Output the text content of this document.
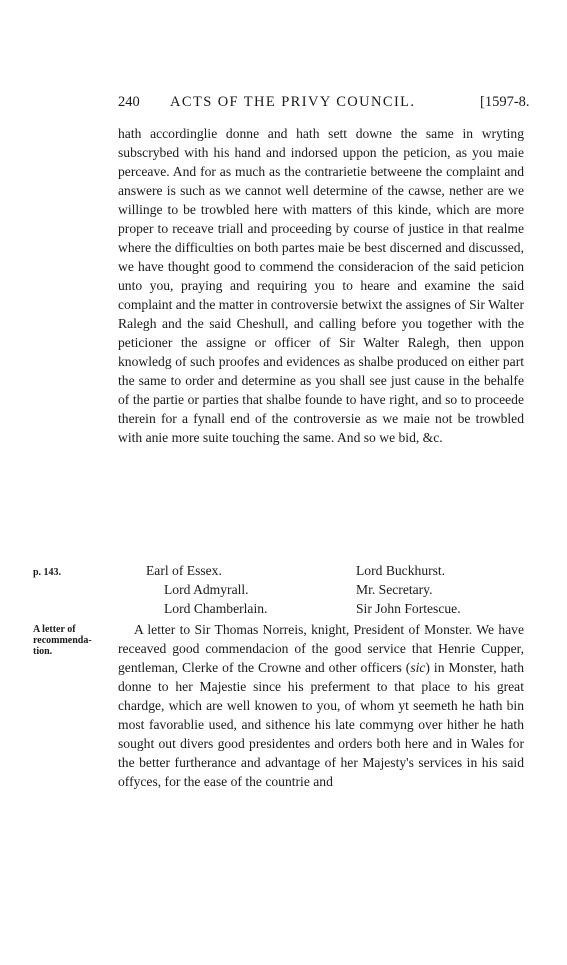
240 ACTS OF THE PRIVY COUNCIL.	[1597-8.
hath accordinglie donne and hath sett downe the same in wryting subscrybed with his hand and indorsed uppon the peticion, as you maie perceave. And for as much as the contrarietie betweene the complaint and answere is such as we cannot well determine of the cawse, nether are we willinge to be trowbled here with matters of this kinde, which are more proper to receave triall and proceeding by course of justice in that realme where the difficulties on both partes maie be best discerned and discussed, we have thought good to commend the consideracion of the said peticion unto you, praying and requiring you to heare and examine the said complaint and the matter in controversie betwixt the assignes of Sir Walter Ralegh and the said Cheshull, and calling before you together with the peticioner the assigne or officer of Sir Walter Ralegh, then uppon knowledg of such proofes and evidences as shalbe produced on either part the same to order and determine as you shall see just cause in the behalfe of the partie or parties that shalbe founde to have right, and so to proceede therein for a fynall end of the controversie as we maie not be trowbled with anie more suite touching the same. And so we bid, &c.
p. 143.	Earl of Essex.	Lord Buckhurst.
Lord Admyrall.	Mr. Secretary.
Lord Chamberlain.	Sir John Fortescue.
A letter of recommenda-tion.
A letter to Sir Thomas Norreis, knight, President of Monster. We have receaved good commendacion of the good service that Henrie Cupper, gentleman, Clerke of the Crowne and other officers (sic) in Monster, hath donne to her Majestie since his preferment to that place to his great chardge, which are well knowen to you, of whom yt seemeth he hath bin most favorablie used, and sithence his late commyng over hither he hath sought out divers good presidentes and orders both here and in Wales for the better furtherance and advantage of her Majesty's services in his said offyces, for the ease of the countrie and
